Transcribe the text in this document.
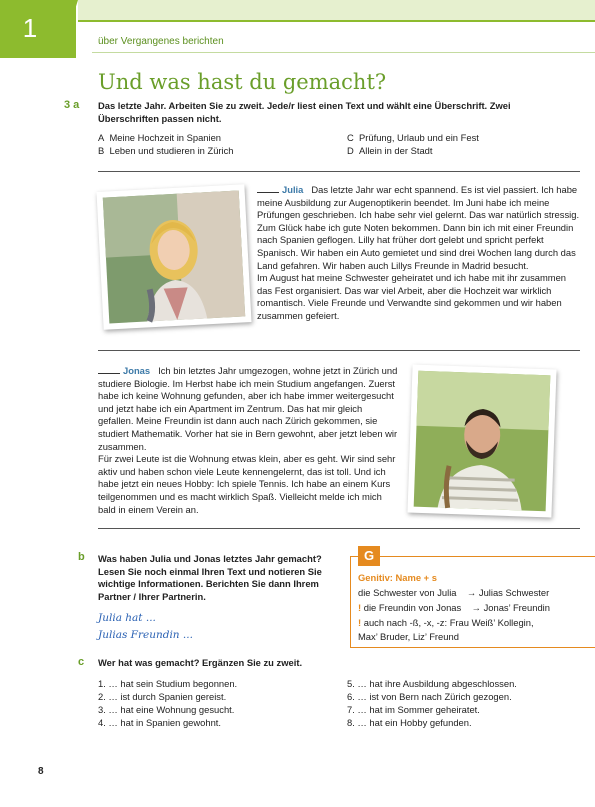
1	über Vergangenes berichten
Und was hast du gemacht?
3 a Das letzte Jahr. Arbeiten Sie zu zweit. Jede/r liest einen Text und wählt eine Überschrift. Zwei Überschriften passen nicht.
A Meine Hochzeit in Spanien
B Leben und studieren in Zürich
C Prüfung, Urlaub und ein Fest
D Allein in der Stadt
Julia Das letzte Jahr war echt spannend. Es ist viel passiert. Ich habe meine Ausbildung zur Augenoptikerin beendet. Im Juni habe ich meine Prüfungen geschrieben. Ich habe sehr viel gelernt. Das war natürlich stressig. Zum Glück habe ich gute Noten bekommen. Dann bin ich mit einer Freundin nach Spanien geflogen. Lilly hat früher dort gelebt und spricht perfekt Spanisch. Wir haben ein Auto gemietet und sind drei Wochen lang durch das Land gefahren. Wir haben auch Lillys Freunde in Madrid besucht.
Im August hat meine Schwester geheiratet und ich habe mit ihr zusammen das Fest organisiert. Das war viel Arbeit, aber die Hochzeit war wirklich romantisch. Viele Freunde und Verwandte sind gekommen und wir haben zusammen gefeiert.
Jonas Ich bin letztes Jahr umgezogen, wohne jetzt in Zürich und studiere Biologie. Im Herbst habe ich mein Studium angefangen. Zuerst habe ich keine Wohnung gefunden, aber ich habe immer weitergesucht und jetzt habe ich ein Apartment im Zentrum. Das hat mir gleich gefallen. Meine Freundin ist dann auch nach Zürich gekommen, sie studiert Mathematik. Vorher hat sie in Bern gewohnt, aber jetzt leben wir zusammen.
Für zwei Leute ist die Wohnung etwas klein, aber es geht. Wir sind sehr aktiv und haben schon viele Leute kennengelernt, das ist toll. Und ich habe jetzt ein neues Hobby: Ich spiele Tennis. Ich habe an einem Kurs teilgenommen und es macht wirklich Spaß. Vielleicht melde ich mich bald in einem Verein an.
b Was haben Julia und Jonas letztes Jahr gemacht? Lesen Sie noch einmal Ihren Text und notieren Sie wichtige Informationen. Berichten Sie dann Ihrem Partner / Ihrer Partnerin.
Julia hat ...
Julias Freundin ...
G
Genitiv: Name + s
die Schwester von Julia → Julias Schwester
! die Freundin von Jonas → Jonas’ Freundin
! auch nach -ß, -x, -z: Frau Weiß’ Kollegin,
Max’ Bruder, Liz’ Freund
c Wer hat was gemacht? Ergänzen Sie zu zweit.
1. … hat sein Studium begonnen.
2. … ist durch Spanien gereist.
3. … hat eine Wohnung gesucht.
4. … hat in Spanien gewohnt.
5. … hat ihre Ausbildung abgeschlossen.
6. … ist von Bern nach Zürich gezogen.
7. … hat im Sommer geheiratet.
8. … hat ein Hobby gefunden.
8
